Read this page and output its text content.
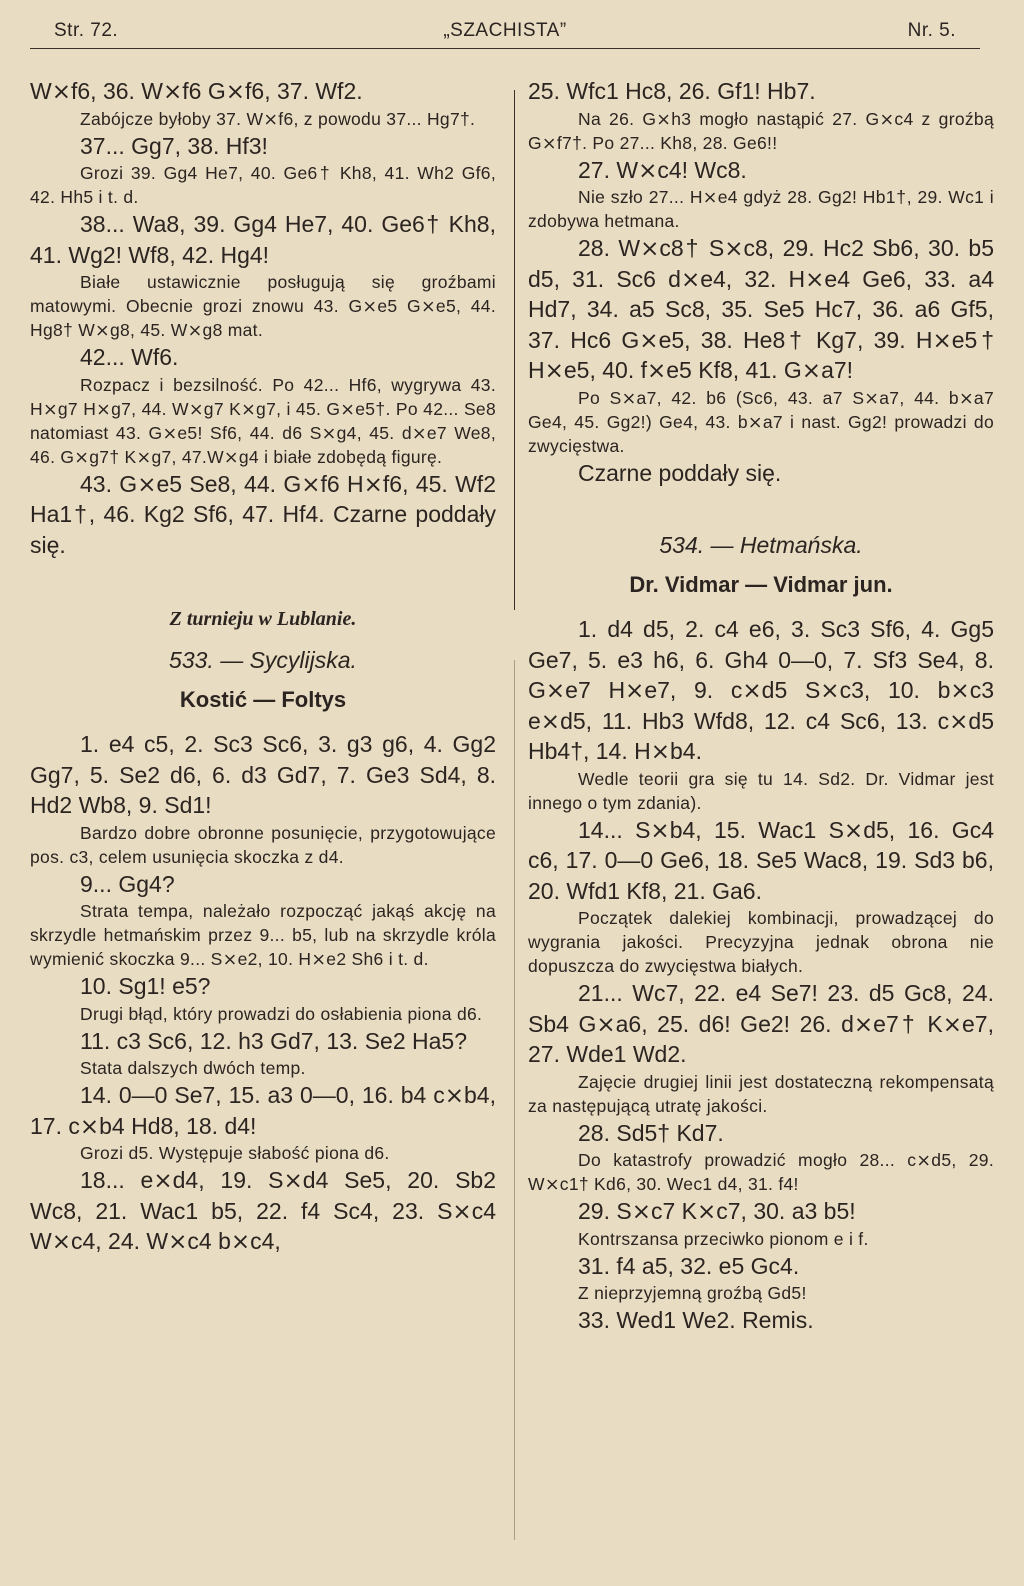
Str. 72.	„SZACHISTA”	Nr. 5.

W⨯f6, 36. W⨯f6 G⨯f6, 37. Wf2.

Zabójcze byłoby 37. W⨯f6, z powodu 37... Hg7†.

37... Gg7, 38. Hf3!

Grozi 39. Gg4 He7, 40. Ge6† Kh8, 41. Wh2 Gf6, 42. Hh5 i t. d.

38... Wa8, 39. Gg4 He7, 40. Ge6† Kh8, 41. Wg2! Wf8, 42. Hg4!

Białe ustawicznie posługują się groźbami matowymi. Obecnie grozi znowu 43. G⨯e5 G⨯e5, 44. Hg8† W⨯g8, 45. W⨯g8 mat.

42... Wf6.

Rozpacz i bezsilność. Po 42... Hf6, wygrywa 43. H⨯g7 H⨯g7, 44. W⨯g7 K⨯g7, i 45. G⨯e5†. Po 42... Se8 natomiast 43. G⨯e5! Sf6, 44. d6 S⨯g4, 45. d⨯e7 We8, 46. G⨯g7† K⨯g7, 47.W⨯g4 i białe zdobędą figurę.

43. G⨯e5 Se8, 44. G⨯f6 H⨯f6, 45. Wf2 Ha1†, 46. Kg2 Sf6, 47. Hf4. Czarne poddały się.

Z turnieju w Lublanie.

533. — Sycylijska.

Kostić — Foltys

1. e4 c5, 2. Sc3 Sc6, 3. g3 g6, 4. Gg2 Gg7, 5. Se2 d6, 6. d3 Gd7, 7. Ge3 Sd4, 8. Hd2 Wb8, 9. Sd1!

Bardzo dobre obronne posunięcie, przygotowujące pos. c3, celem usunięcia skoczka z d4.

9... Gg4?

Strata tempa, należało rozpocząć jakąś akcję na skrzydle hetmańskim przez 9... b5, lub na skrzydle króla wymienić skoczka 9... S⨯e2, 10. H⨯e2 Sh6 i t. d.

10. Sg1! e5?

Drugi błąd, który prowadzi do osłabienia piona d6.

11. c3 Sc6, 12. h3 Gd7, 13. Se2 Ha5?

Stata dalszych dwóch temp.

14. 0—0 Se7, 15. a3 0—0, 16. b4 c⨯b4, 17. c⨯b4 Hd8, 18. d4!

Grozi d5. Występuje słabość piona d6.

18... e⨯d4, 19. S⨯d4 Se5, 20. Sb2 Wc8, 21. Wac1 b5, 22. f4 Sc4, 23. S⨯c4 W⨯c4, 24. W⨯c4 b⨯c4,

25. Wfc1 Hc8, 26. Gf1! Hb7.

Na 26. G⨯h3 mogło nastąpić 27. G⨯c4 z groźbą G⨯f7†. Po 27... Kh8, 28. Ge6!!

27. W⨯c4! Wc8.

Nie szło 27... H⨯e4 gdyż 28. Gg2! Hb1†, 29. Wc1 i zdobywa hetmana.

28. W⨯c8† S⨯c8, 29. Hc2 Sb6, 30. b5 d5, 31. Sc6 d⨯e4, 32. H⨯e4 Ge6, 33. a4 Hd7, 34. a5 Sc8, 35. Se5 Hc7, 36. a6 Gf5, 37. Hc6 G⨯e5, 38. He8† Kg7, 39. H⨯e5† H⨯e5, 40. f⨯e5 Kf8, 41. G⨯a7!

Po S⨯a7, 42. b6 (Sc6, 43. a7 S⨯a7, 44. b⨯a7 Ge4, 45. Gg2!) Ge4, 43. b⨯a7 i nast. Gg2! prowadzi do zwycięstwa.

Czarne poddały się.

534. — Hetmańska.

Dr. Vidmar — Vidmar jun.

1. d4 d5, 2. c4 e6, 3. Sc3 Sf6, 4. Gg5 Ge7, 5. e3 h6, 6. Gh4 0—0, 7. Sf3 Se4, 8. G⨯e7 H⨯e7, 9. c⨯d5 S⨯c3, 10. b⨯c3 e⨯d5, 11. Hb3 Wfd8, 12. c4 Sc6, 13. c⨯d5 Hb4†, 14. H⨯b4.

Wedle teorii gra się tu 14. Sd2. Dr. Vidmar jest innego o tym zdania).

14... S⨯b4, 15. Wac1 S⨯d5, 16. Gc4 c6, 17. 0—0 Ge6, 18. Se5 Wac8, 19. Sd3 b6, 20. Wfd1 Kf8, 21. Ga6.

Początek dalekiej kombinacji, prowadzącej do wygrania jakości. Precyzyjna jednak obrona nie dopuszcza do zwycięstwa białych.

21... Wc7, 22. e4 Se7! 23. d5 Gc8, 24. Sb4 G⨯a6, 25. d6! Ge2! 26. d⨯e7† K⨯e7, 27. Wde1 Wd2.

Zajęcie drugiej linii jest dostateczną rekompensatą za następującą utratę jakości.

28. Sd5† Kd7.

Do katastrofy prowadzić mogło 28... c⨯d5, 29. W⨯c1† Kd6, 30. Wec1 d4, 31. f4!

29. S⨯c7 K⨯c7, 30. a3 b5!

Kontrszansa przeciwko pionom e i f.

31. f4 a5, 32. e5 Gc4.

Z nieprzyjemną groźbą Gd5!

33. Wed1 We2. Remis.
